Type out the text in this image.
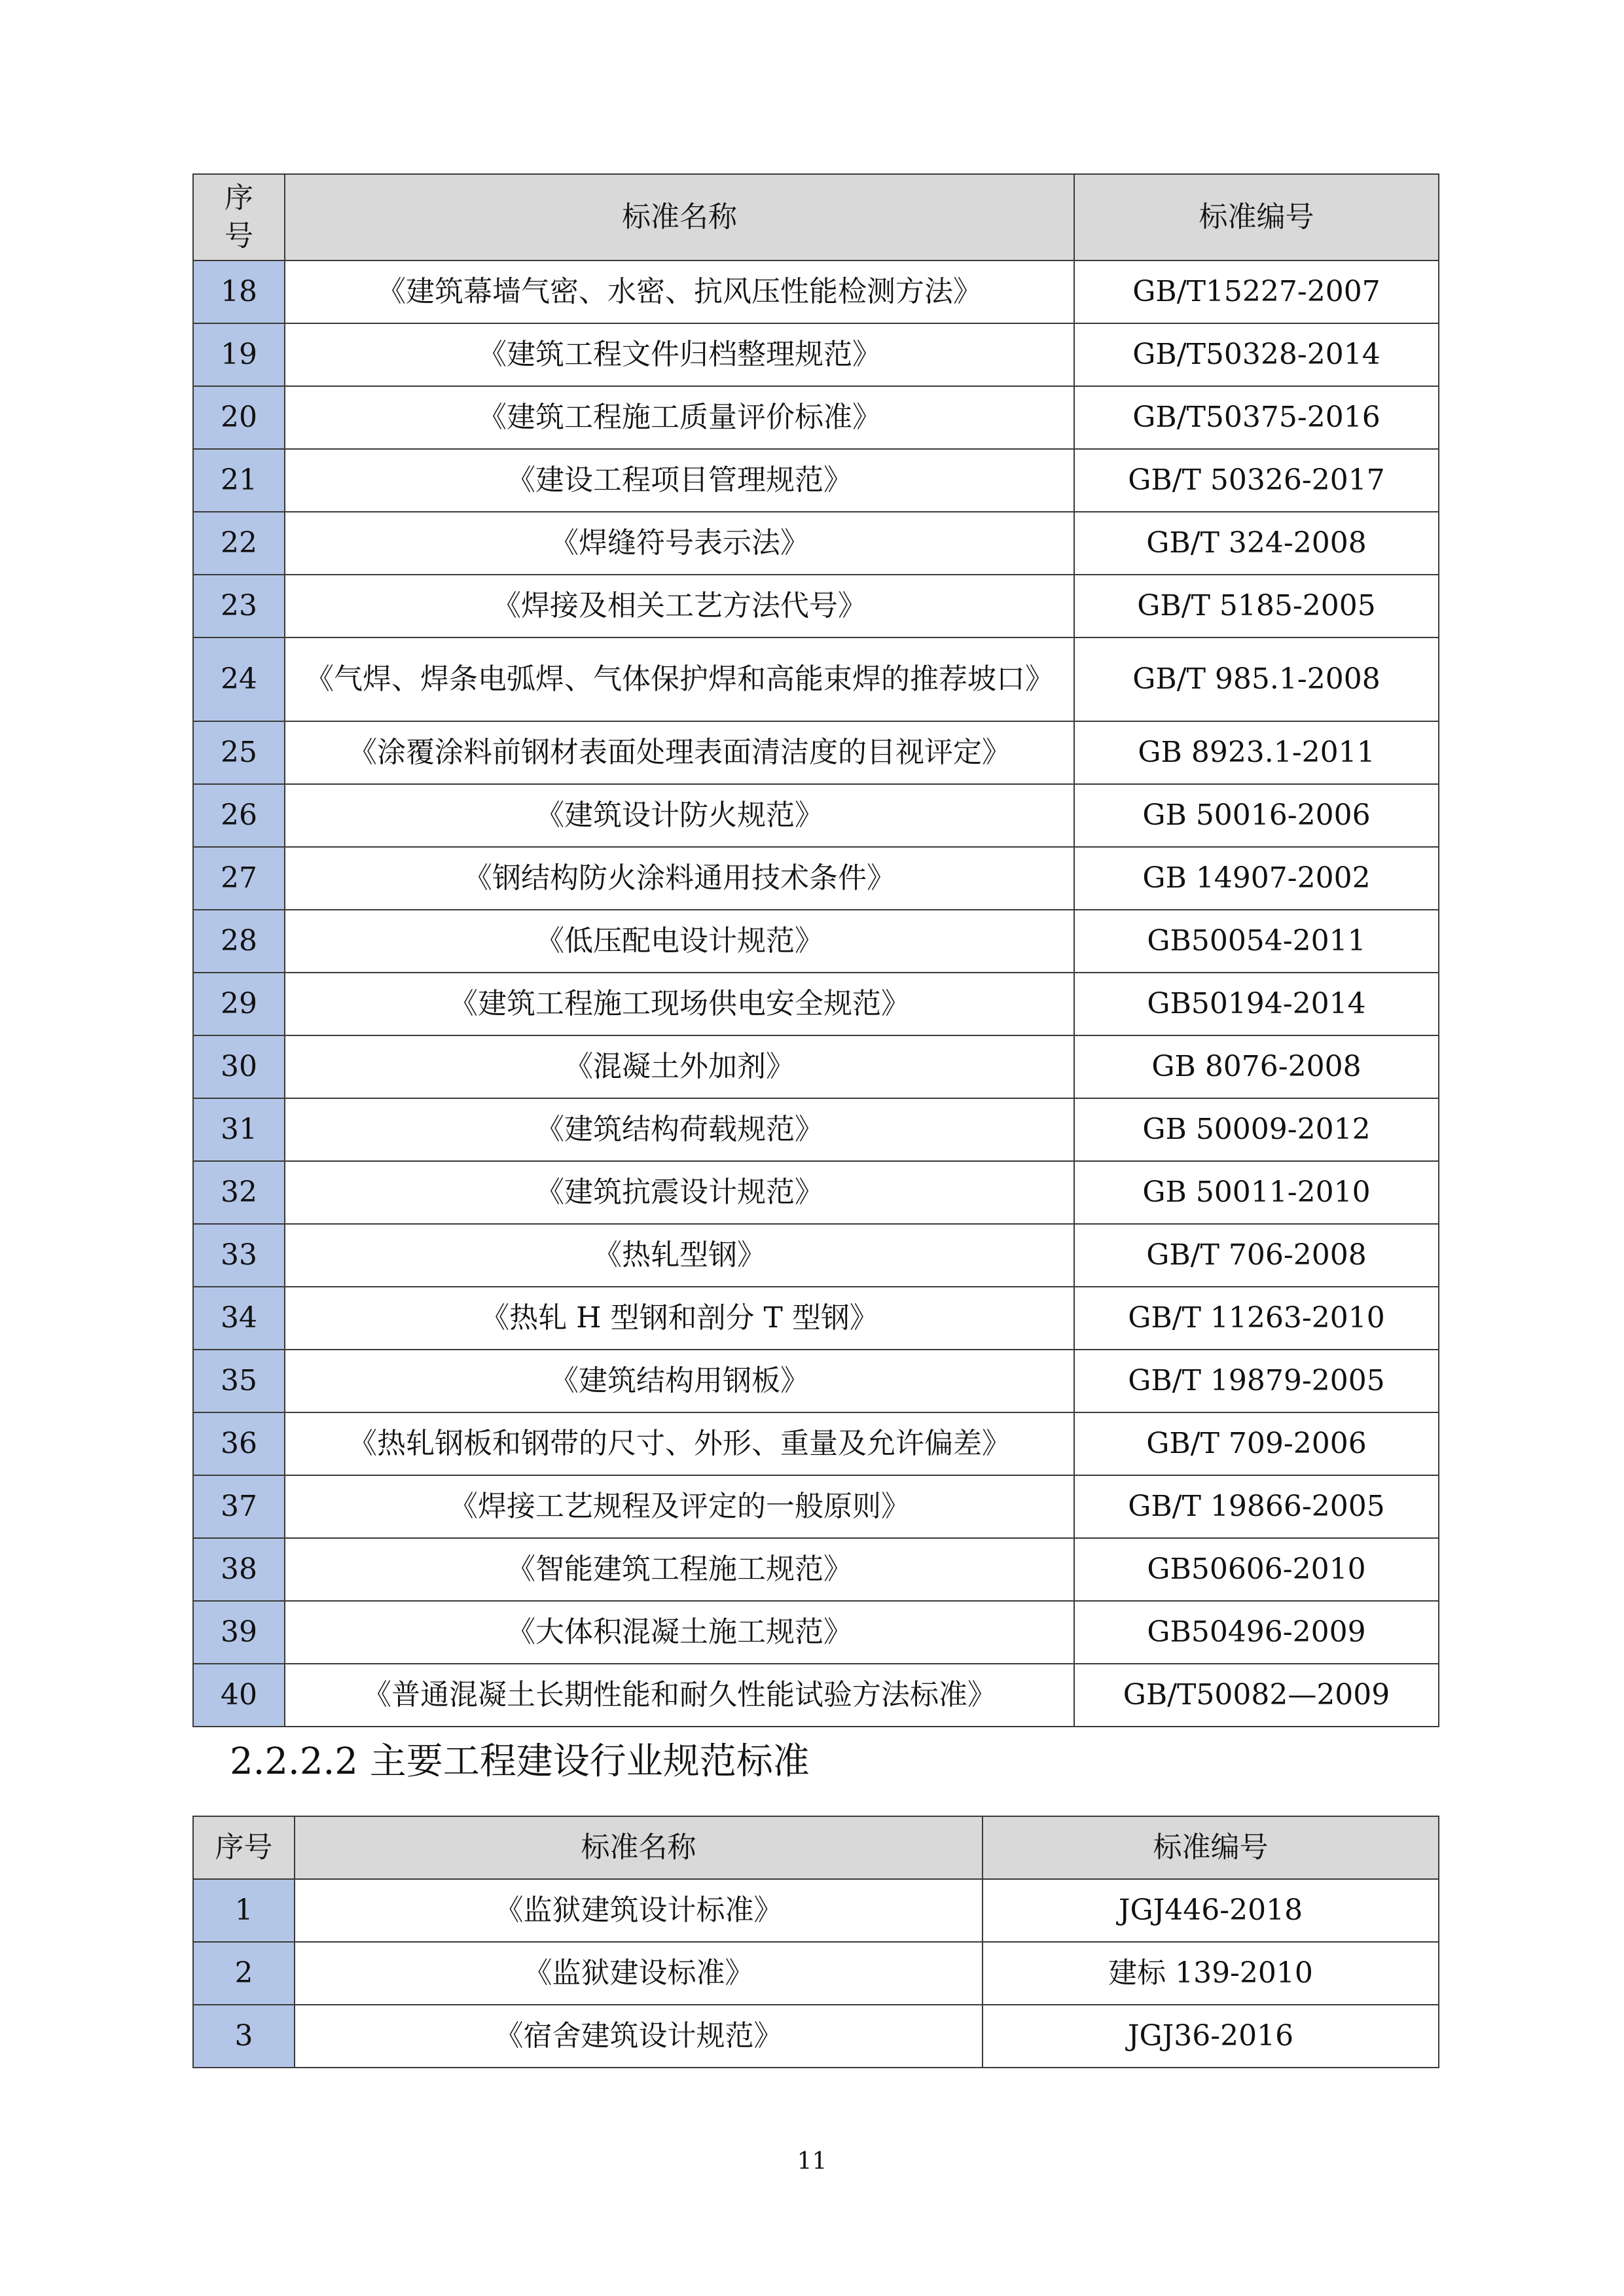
序号	标准名称	标准编号
18	《建筑幕墙气密、水密、抗风压性能检测方法》	GB/T15227-2007
19	《建筑工程文件归档整理规范》	GB/T50328-2014
20	《建筑工程施工质量评价标准》	GB/T50375-2016
21	《建设工程项目管理规范》	GB/T 50326-2017
22	《焊缝符号表示法》	GB/T 324-2008
23	《焊接及相关工艺方法代号》	GB/T 5185-2005
24	《气焊、焊条电弧焊、气体保护焊和高能束焊的推荐坡口》	GB/T 985.1-2008
25	《涂覆涂料前钢材表面处理表面清洁度的目视评定》	GB 8923.1-2011
26	《建筑设计防火规范》	GB 50016-2006
27	《钢结构防火涂料通用技术条件》	GB 14907-2002
28	《低压配电设计规范》	GB50054-2011
29	《建筑工程施工现场供电安全规范》	GB50194-2014
30	《混凝土外加剂》	GB 8076-2008
31	《建筑结构荷载规范》	GB 50009-2012
32	《建筑抗震设计规范》	GB 50011-2010
33	《热轧型钢》	GB/T 706-2008
34	《热轧 H 型钢和剖分 T 型钢》	GB/T 11263-2010
35	《建筑结构用钢板》	GB/T 19879-2005
36	《热轧钢板和钢带的尺寸、外形、重量及允许偏差》	GB/T 709-2006
37	《焊接工艺规程及评定的一般原则》	GB/T 19866-2005
38	《智能建筑工程施工规范》	GB50606-2010
39	《大体积混凝土施工规范》	GB50496-2009
40	《普通混凝土长期性能和耐久性能试验方法标准》	GB/T50082—2009
2.2.2.2 主要工程建设行业规范标准
序号	标准名称	标准编号
1	《监狱建筑设计标准》	JGJ446-2018
2	《监狱建设标准》	建标 139-2010
3	《宿舍建筑设计规范》	JGJ36-2016
11
